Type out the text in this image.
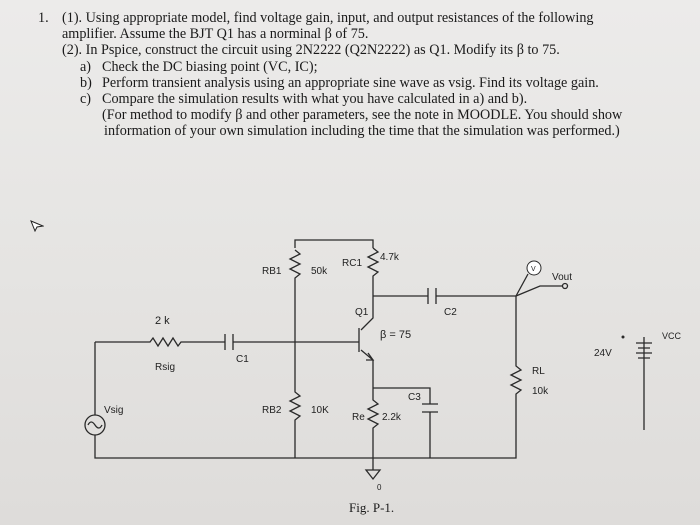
1. (1). Using appropriate model, find voltage gain, input, and output resistances of the following
amplifier. Assume the BJT Q1 has a norminal β of 75.
(2). In Pspice, construct the circuit using 2N2222 (Q2N2222) as Q1. Modify its β to 75.
a) Check the DC biasing point (VC, IC);
b) Perform transient analysis using an appropriate sine wave as vsig. Find its voltage gain.
c) Compare the simulation results with what you have calculated in a) and b).
(For method to modify β and other parameters, see the note in MOODLE. You should show
information of your own simulation including the time that the simulation was performed.)
RB1	50k
RC1
4.7k
Q1
β = 75
C2
Vout
V
VCC
24V
RL
10k
2 k
Rsig
C1
Vsig	RB2	10K
Re 2.2k
C3
0
Fig. P-1.
